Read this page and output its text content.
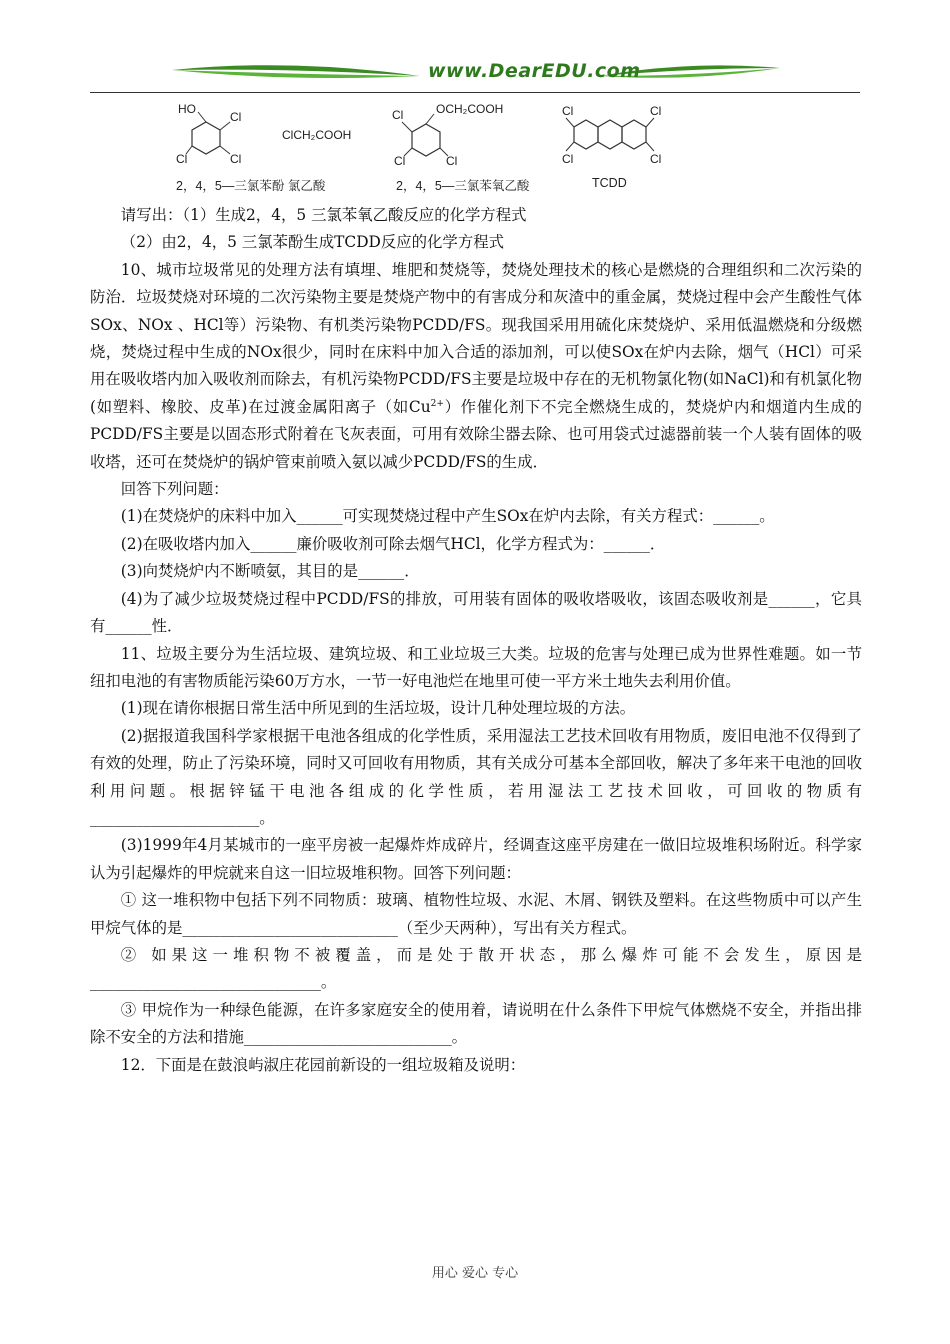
www.DearEDU.com
HO
Cl
Cl	Cl
ClCH₂COOH
Cl	OCH₂COOH
Cl	Cl
Cl	Cl
Cl	Cl
2，4，5—三氯苯酚 氯乙酸	2，4，5—三氯苯氧乙酸	TCDD

请写出：（1）生成2，4，5 三氯苯氧乙酸反应的化学方程式

（2）由2，4，5 三氯苯酚生成TCDD反应的化学方程式

10、城市垃圾常见的处理方法有填埋、堆肥和焚烧等，焚烧处理技术的核心是燃烧的合理组织和二次污染的防治．垃圾焚烧对环境的二次污染物主要是焚烧产物中的有害成分和灰渣中的重金属，焚烧过程中会产生酸性气体SOx、NOx 、HCl等）污染物、有机类污染物PCDD/FS。现我国采用用硫化床焚烧炉、采用低温燃烧和分级燃烧，焚烧过程中生成的NOx很少，同时在床料中加入合适的添加剂，可以使SOx在炉内去除，烟气（HCl）可采用在吸收塔内加入吸收剂而除去，有机污染物PCDD/FS主要是垃圾中存在的无机物氯化物(如NaCl)和有机氯化物(如塑料、橡胶、皮革)在过渡金属阳离子（如$Cu^{2+}$）作催化剂下不完全燃烧生成的，焚烧炉内和烟道内生成的PCDD/FS主要是以固态形式附着在飞灰表面，可用有效除尘器去除、也可用袋式过滤器前装一个人装有固体的吸收塔，还可在焚烧炉的锅炉管束前喷入氨以减少PCDD/FS的生成．

回答下列问题：

(1)在焚烧炉的床料中加入______可实现焚烧过程中产生SOx在炉内去除，有关方程式：______。

(2)在吸收塔内加入______廉价吸收剂可除去烟气HCl，化学方程式为：______．

(3)向焚烧炉内不断喷氨，其目的是______．

(4)为了减少垃圾焚烧过程中PCDD/FS的排放，可用装有固体的吸收塔吸收，该固态吸收剂是______，它具有______性．

11、垃圾主要分为生活垃圾、建筑垃圾、和工业垃圾三大类。垃圾的危害与处理已成为世界性难题。如一节纽扣电池的有害物质能污染60万方水，一节一好电池烂在地里可使一平方米土地失去利用价值。

(1)现在请你根据日常生活中所见到的生活垃圾，设计几种处理垃圾的方法。

(2)据报道我国科学家根据干电池各组成的化学性质，采用湿法工艺技术回收有用物质，废旧电池不仅得到了有效的处理，防止了污染环境，同时又可回收有用物质，其有关成分可基本全部回收，解决了多年来干电池的回收利用问题。根据锌锰干电池各组成的化学性质，若用湿法工艺技术回收，可回收的物质有______________________。

(3)1999年4月某城市的一座平房被一起爆炸炸成碎片，经调查这座平房建在一做旧垃圾堆积场附近。科学家认为引起爆炸的甲烷就来自这一旧垃圾堆积物。回答下列问题：

① 这一堆积物中包括下列不同物质：玻璃、植物性垃圾、水泥、木屑、钢铁及塑料。在这些物质中可以产生甲烷气体的是____________________________（至少天两种），写出有关方程式。

② 如果这一堆积物不被覆盖，而是处于散开状态，那么爆炸可能不会发生，原因是______________________________。

③ 甲烷作为一种绿色能源，在许多家庭安全的使用着，请说明在什么条件下甲烷气体燃烧不安全，并指出排除不安全的方法和措施___________________________。

12．下面是在鼓浪屿淑庄花园前新设的一组垃圾箱及说明：

用心 爱心 专心
